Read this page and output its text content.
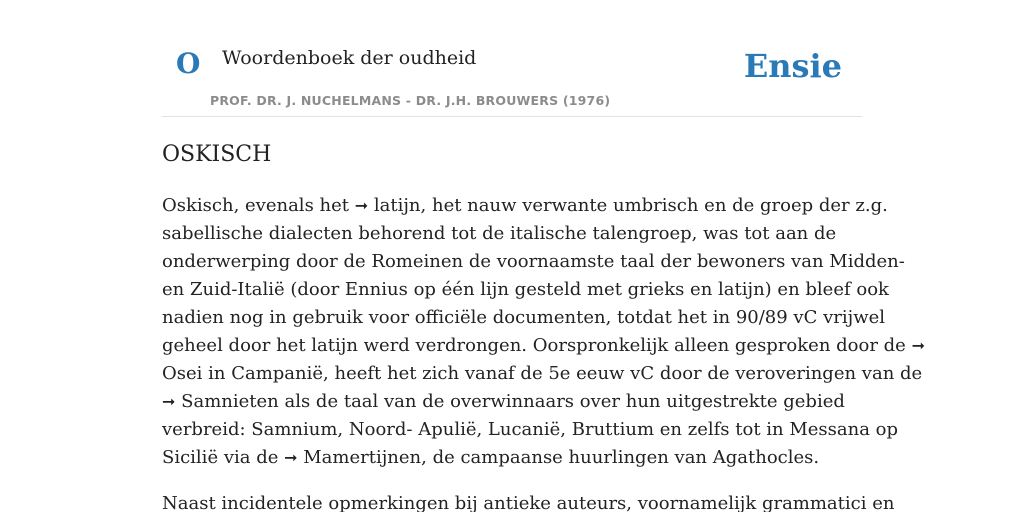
O Woordenboek der oudheid
PROF. DR. J. NUCHELMANS - DR. J.H. BROUWERS (1976)
Ensie
OSKISCH
Oskisch, evenals het ➞ latijn, het nauw verwante umbrisch en de groep der z.g.
sabellische dialecten behorend tot de italische talengroep, was tot aan de
onderwerping door de Romeinen de voornaamste taal der bewoners van Midden-
en Zuid-Italië (door Ennius op één lijn gesteld met grieks en latijn) en bleef ook
nadien nog in gebruik voor officiële documenten, totdat het in 90/89 vC vrijwel
geheel door het latijn werd verdrongen. Oorspronkelijk alleen gesproken door de ➞
Osei in Campanië, heeft het zich vanaf de 5e eeuw vC door de veroveringen van de
➞ Samnieten als de taal van de overwinnaars over hun uitgestrekte gebied
verbreid: Samnium, Noord- Apulië, Lucanië, Bruttium en zelfs tot in Messana op
Sicilië via de ➞ Mamertijnen, de campaanse huurlingen van Agathocles.
Naast incidentele opmerkingen bij antieke auteurs, voornamelijk grammatici en
